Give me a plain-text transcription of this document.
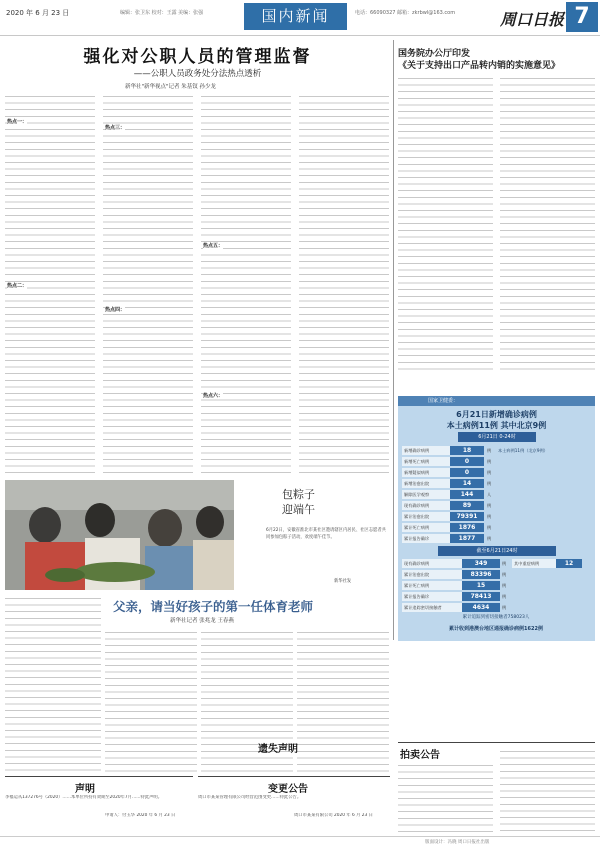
2020 年 6 月 23 日	编辑：张卫东 校对：王露 美编：张强	国内新闻	电话：66090327 邮箱：zkrbwl@163.com	周口日报 7
强化对公职人员的管理监督
——公职人员政务处分法热点透析
新华社"新华视点"记者 朱基钗 孙少龙
热点一：
热点二：
热点三：
热点四：
热点五：
热点六：
国务院办公厅印发
《关于支持出口产品转内销的实施意见》
国家卫健委：
6月21日新增确诊病例
本土病例11例 其中北京9例
6月21日 0-24时
新增确诊病例	18	例 本土病例11例（北京9例）
新增死亡病例	0	例
新增疑似病例	0	例
新增治愈出院	14	例
解除医学观察	144	人
现有确诊病例	89	例
累计治愈出院	79391	例
累计死亡病例	1876	例
累计报告确诊	1877	例
截至6月21日24时
现有确诊病例	349	例	其中重症病例	12
累计治愈出院	83396	例
累计死亡病例	15	例
累计报告确诊	78413	例
累计追踪密切接触者	4634	例
累计追踪到密切接触者758023人
累计收到港澳台地区通报确诊病例1622例
包粽子
迎端午
6月22日，安徽省淮北市某社区邀请辖区内居民、社区志愿者共同参加包粽子活动，欢度端午佳节。
新华社发
父亲，请当好孩子的第一任体育老师
新华社记者 张兆龙 王春燕
声明
李福运从137276号（2020）……本单位所持有效期至2020年7月……特此声明。
申请人：付玉华 2020 年 6 月 23 日
变更公告
周口市某某管理有限公司经营范围变更……特此公告。
周口市某某有限公司 2020 年 6 月 23 日
拍卖公告
遗失声明
版面设计：冯晓 周口日报社出版
